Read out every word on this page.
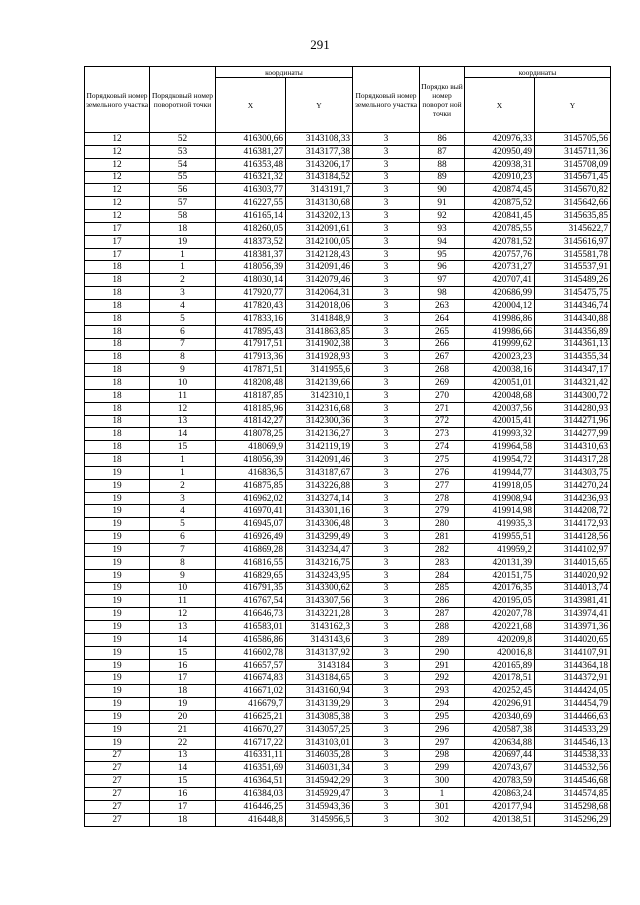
291
Порядковый номер земельного участка	Порядковый номер поворотной точки	координаты		Порядковый номер земельного участка	Порядко вый номер поворот ной точки	координаты	
		X	Y			X	Y
12	52	416300,66	3143108,33	3	86	420976,33	3145705,56
12	53	416381,27	3143177,38	3	87	420950,49	3145711,36
12	54	416353,48	3143206,17	3	88	420938,31	3145708,09
12	55	416321,32	3143184,52	3	89	420910,23	3145671,45
12	56	416303,77	3143191,7	3	90	420874,45	3145670,82
12	57	416227,55	3143130,68	3	91	420875,52	3145642,66
12	58	416165,14	3143202,13	3	92	420841,45	3145635,85
17	18	418260,05	3142091,61	3	93	420785,55	3145622,7
17	19	418373,52	3142100,05	3	94	420781,52	3145616,97
17	1	418381,37	3142128,43	3	95	420757,76	3145581,78
18	1	418056,39	3142091,46	3	96	420731,27	3145537,91
18	2	418030,14	3142079,46	3	97	420707,41	3145489,26
18	3	417920,77	3142064,31	3	98	420686,99	3145475,75
18	4	417820,43	3142018,06	3	263	420004,12	3144346,74
18	5	417833,16	3141848,9	3	264	419986,86	3144340,88
18	6	417895,43	3141863,85	3	265	419986,66	3144356,89
18	7	417917,51	3141902,38	3	266	419999,62	3144361,13
18	8	417913,36	3141928,93	3	267	420023,23	3144355,34
18	9	417871,51	3141955,6	3	268	420038,16	3144347,17
18	10	418208,48	3142139,66	3	269	420051,01	3144321,42
18	11	418187,85	3142310,1	3	270	420048,68	3144300,72
18	12	418185,96	3142316,68	3	271	420037,56	3144280,93
18	13	418142,27	3142300,36	3	272	420015,41	3144271,96
18	14	418078,25	3142136,27	3	273	419993,32	3144277,99
18	15	418069,9	3142119,19	3	274	419964,58	3144310,63
18	1	418056,39	3142091,46	3	275	419954,72	3144317,28
19	1	416836,5	3143187,67	3	276	419944,77	3144303,75
19	2	416875,85	3143226,88	3	277	419918,05	3144270,24
19	3	416962,02	3143274,14	3	278	419908,94	3144236,93
19	4	416970,41	3143301,16	3	279	419914,98	3144208,72
19	5	416945,07	3143306,48	3	280	419935,3	3144172,93
19	6	416926,49	3143299,49	3	281	419955,51	3144128,56
19	7	416869,28	3143234,47	3	282	419959,2	3144102,97
19	8	416816,55	3143216,75	3	283	420131,39	3144015,65
19	9	416829,65	3143243,95	3	284	420151,75	3144020,92
19	10	416791,35	3143300,62	3	285	420176,35	3144013,74
19	11	416767,54	3143307,56	3	286	420195,05	3143981,41
19	12	416646,73	3143221,28	3	287	420207,78	3143974,41
19	13	416583,01	3143162,3	3	288	420221,68	3143971,36
19	14	416586,86	3143143,6	3	289	420209,8	3144020,65
19	15	416602,78	3143137,92	3	290	420016,8	3144107,91
19	16	416657,57	3143184	3	291	420165,89	3144364,18
19	17	416674,83	3143184,65	3	292	420178,51	3144372,91
19	18	416671,02	3143160,94	3	293	420252,45	3144424,05
19	19	416679,7	3143139,29	3	294	420296,91	3144454,79
19	20	416625,21	3143085,38	3	295	420340,69	3144466,63
19	21	416670,27	3143057,25	3	296	420587,38	3144533,29
19	22	416717,22	3143103,01	3	297	420634,88	3144546,13
27	13	416331,11	3146035,28	3	298	420697,44	3144538,33
27	14	416351,69	3146031,34	3	299	420743,67	3144532,56
27	15	416364,51	3145942,29	3	300	420783,59	3144546,68
27	16	416384,03	3145929,47	3	1	420863,24	3144574,85
27	17	416446,25	3145943,36	3	301	420177,94	3145298,68
27	18	416448,8	3145956,5	3	302	420138,51	3145296,29
